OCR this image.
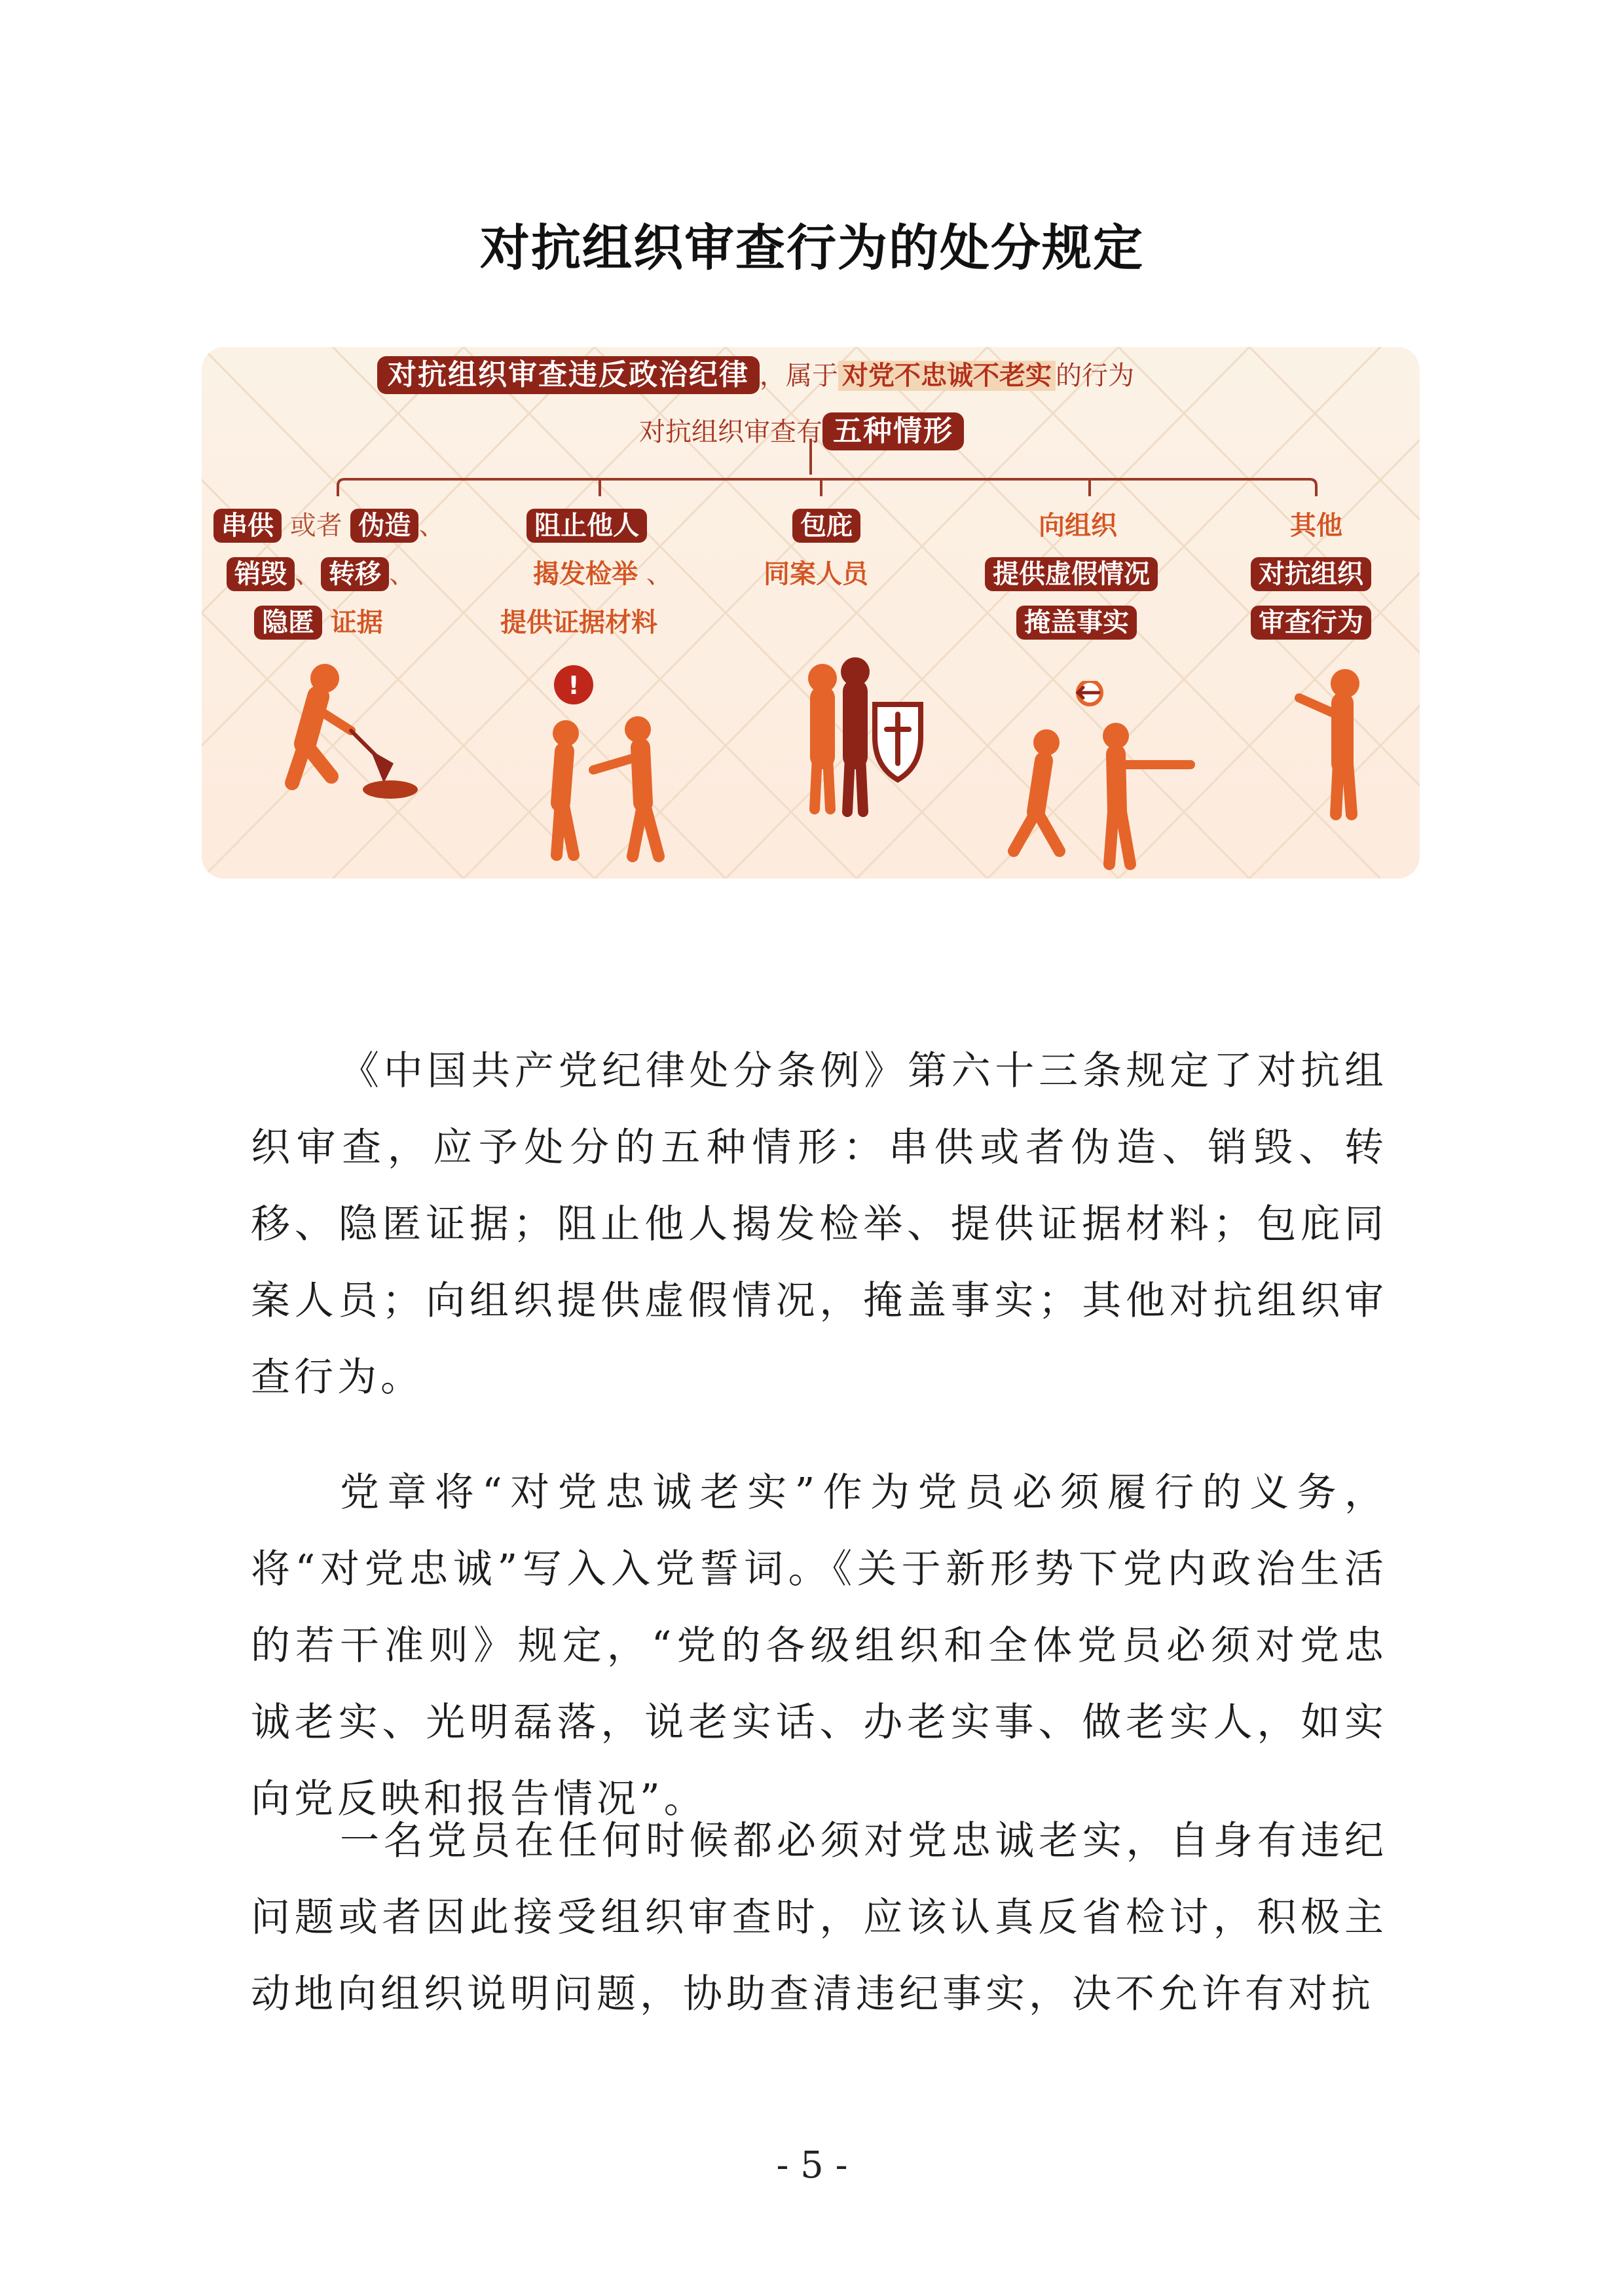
对抗组织审查行为的处分规定
对抗组织审查违反政治纪律 ，属于 对党不忠诚不老实 的行为
对抗组织审查有 五种情形
串供 或者 伪造 、
销毁 、 转移 、
隐匿 证据
阻止他人
揭发检举 、
提供证据材料
包庇
同案人员
向组织
提供虚假情况
掩盖事实
其他
对抗组织
审查行为
!

《中国共产党纪律处分条例》第六十三条规定了对抗组织审查，应予处分的五种情形：串供或者伪造、销毁、转移、隐匿证据；阻止他人揭发检举、提供证据材料；包庇同案人员；向组织提供虚假情况，掩盖事实；其他对抗组织审查行为。

党章将“对党忠诚老实”作为党员必须履行的义务，将“对党忠诚”写入入党誓词。《关于新形势下党内政治生活的若干准则》规定，“党的各级组织和全体党员必须对党忠诚老实、光明磊落，说老实话、办老实事、做老实人，如实向党反映和报告情况”。

一名党员在任何时候都必须对党忠诚老实，自身有违纪问题或者因此接受组织审查时，应该认真反省检讨，积极主动地向组织说明问题，协助查清违纪事实，决不允许有对抗

- 5 -
